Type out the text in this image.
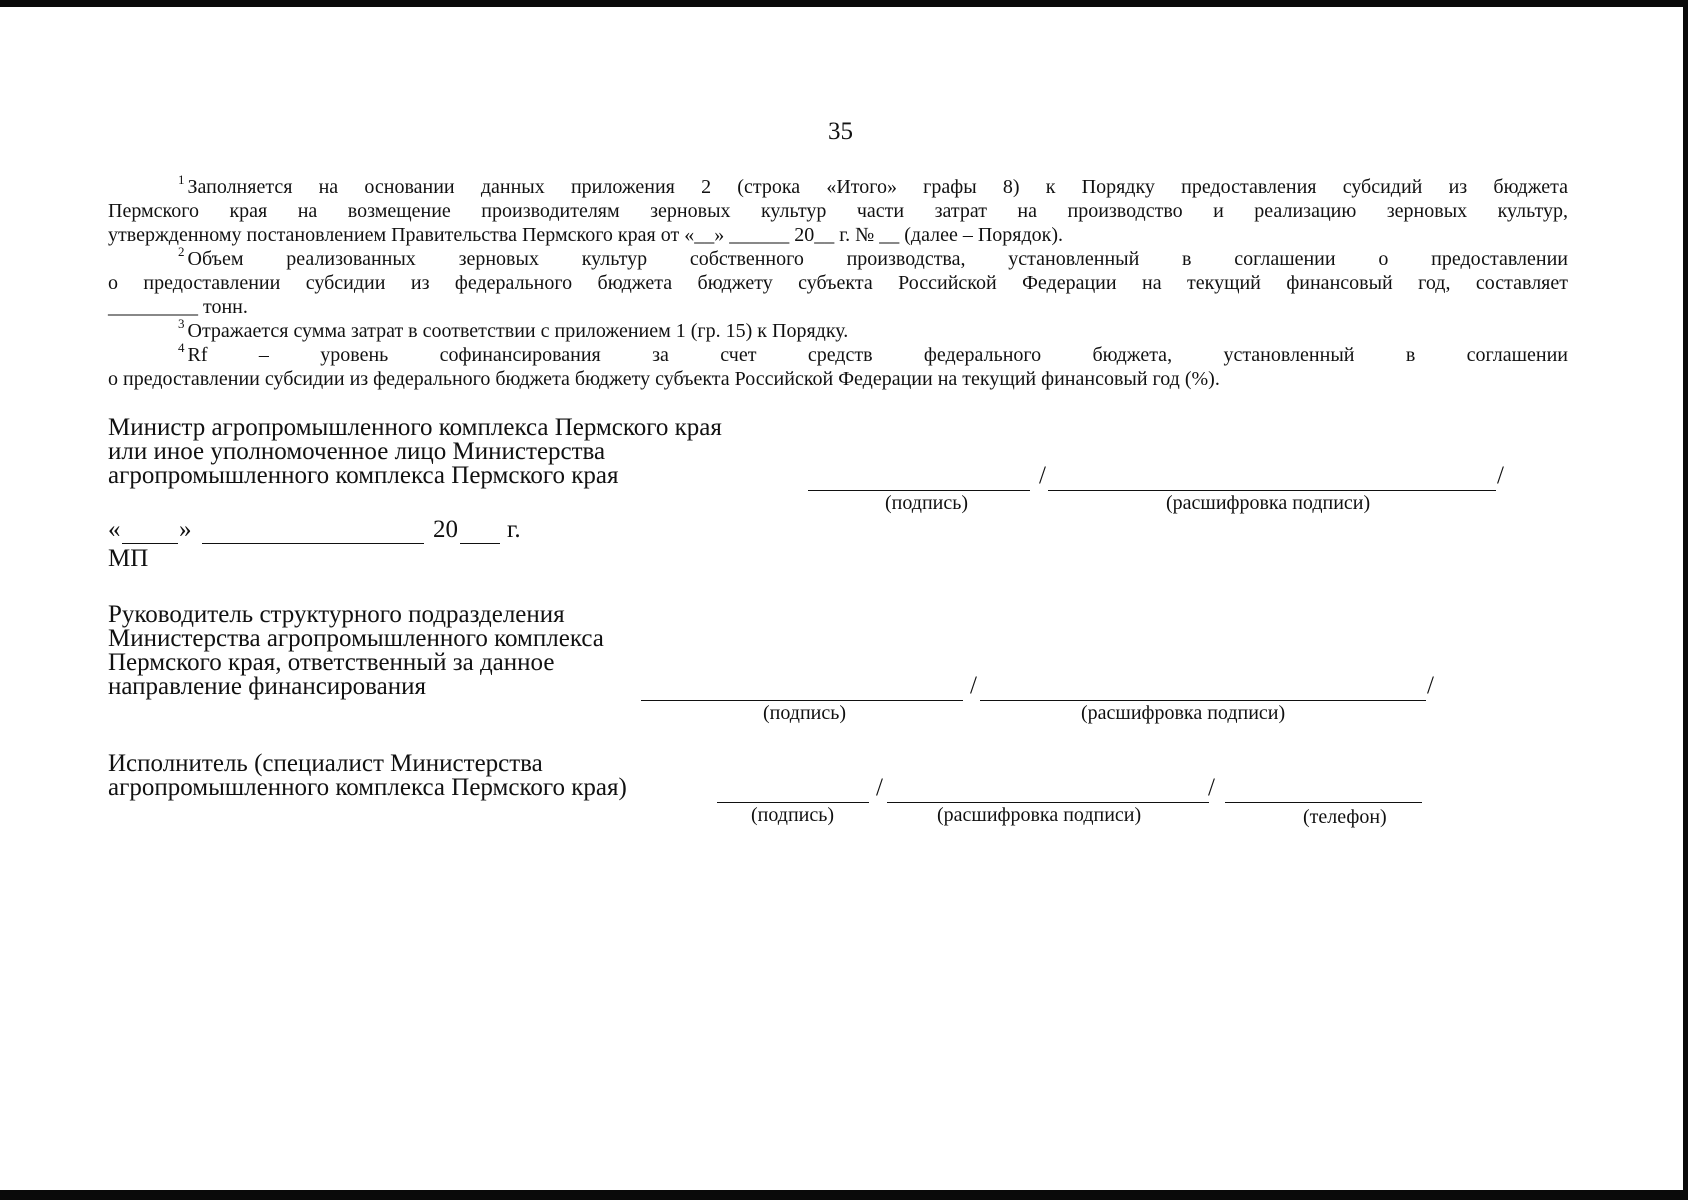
35
$^1$ Заполняется на основании данных приложения 2 (строка «Итого» графы 8) к Порядку предоставления субсидий из бюджета
Пермского края на возмещение производителям зерновых культур части затрат на производство и реализацию зерновых культур,
утвержденному постановлением Правительства Пермского края от «__» ______ 20__ г. № __ (далее – Порядок).
$^2$ Объем реализованных зерновых культур собственного производства, установленный в соглашении о предоставлении
о предоставлении субсидии из федерального бюджета бюджету субъекта Российской Федерации на текущий финансовый год, составляет
_________ тонн.
$^3$ Отражается сумма затрат в соответствии с приложением 1 (гр. 15) к Порядку.
$^4$ Rf – уровень софинансирования за счет средств федерального бюджета, установленный в соглашении
о предоставлении субсидии из федерального бюджета бюджету субъекта Российской Федерации на текущий финансовый год (%).
Министр агропромышленного комплекса Пермского края
или иное уполномоченное лицо Министерства
агропромышленного комплекса Пермского края	/	/
(подпись)	(расшифровка подписи)
« »	20 г.
МП
Руководитель структурного подразделения
Министерства агропромышленного комплекса
Пермского края, ответственный за данное
направление финансирования	/	/
(подпись)	(расшифровка подписи)
Исполнитель (специалист Министерства
агропромышленного комплекса Пермского края)	/	/
(подпись)	(расшифровка подписи)	(телефон)
